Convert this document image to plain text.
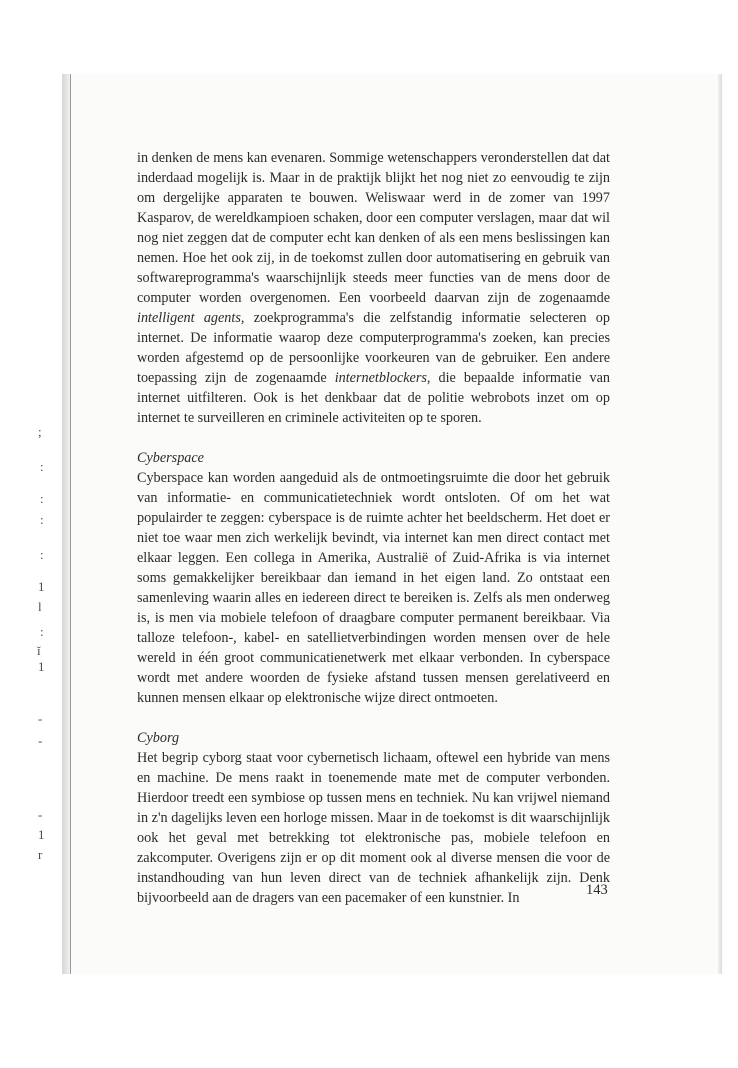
;
:
:
:
:
1
l
:
ǐ
1
-
-
-
1
r

in denken de mens kan evenaren. Sommige wetenschappers veronderstellen dat dat inderdaad mogelijk is. Maar in de praktijk blijkt het nog niet zo eenvoudig te zijn om dergelijke apparaten te bouwen. Weliswaar werd in de zomer van 1997 Kasparov, de wereldkampioen schaken, door een computer verslagen, maar dat wil nog niet zeggen dat de computer echt kan denken of als een mens beslissingen kan nemen. Hoe het ook zij, in de toekomst zullen door automatisering en gebruik van softwareprogramma's waarschijnlijk steeds meer functies van de mens door de computer worden overgenomen. Een voorbeeld daarvan zijn de zogenaamde intelligent agents, zoekprogramma's die zelfstandig informatie selecteren op internet. De informatie waarop deze computerprogramma's zoeken, kan precies worden afgestemd op de persoonlijke voorkeuren van de gebruiker. Een andere toepassing zijn de zogenaamde internetblockers, die bepaalde informatie van internet uitfilteren. Ook is het denkbaar dat de politie webrobots inzet om op internet te surveilleren en criminele activiteiten op te sporen.

Cyberspace

Cyberspace kan worden aangeduid als de ontmoetingsruimte die door het gebruik van informatie- en communicatietechniek wordt ontsloten. Of om het wat populairder te zeggen: cyberspace is de ruimte achter het beeldscherm. Het doet er niet toe waar men zich werkelijk bevindt, via internet kan men direct contact met elkaar leggen. Een collega in Amerika, Australië of Zuid-Afrika is via internet soms gemakkelijker bereikbaar dan iemand in het eigen land. Zo ontstaat een samenleving waarin alles en iedereen direct te bereiken is. Zelfs als men onderweg is, is men via mobiele telefoon of draagbare computer permanent bereikbaar. Via talloze telefoon-, kabel- en satellietverbindingen worden mensen over de hele wereld in één groot communicatienetwerk met elkaar verbonden. In cyberspace wordt met andere woorden de fysieke afstand tussen mensen gerelativeerd en kunnen mensen elkaar op elektronische wijze direct ontmoeten.

Cyborg

Het begrip cyborg staat voor cybernetisch lichaam, oftewel een hybride van mens en machine. De mens raakt in toenemende mate met de computer verbonden. Hierdoor treedt een symbiose op tussen mens en techniek. Nu kan vrijwel niemand in z'n dagelijks leven een horloge missen. Maar in de toekomst is dit waarschijnlijk ook het geval met betrekking tot elektronische pas, mobiele telefoon en zakcomputer. Overigens zijn er op dit moment ook al diverse mensen die voor de instandhouding van hun leven direct van de techniek afhankelijk zijn. Denk bijvoorbeeld aan de dragers van een pacemaker of een kunstnier. In	143
